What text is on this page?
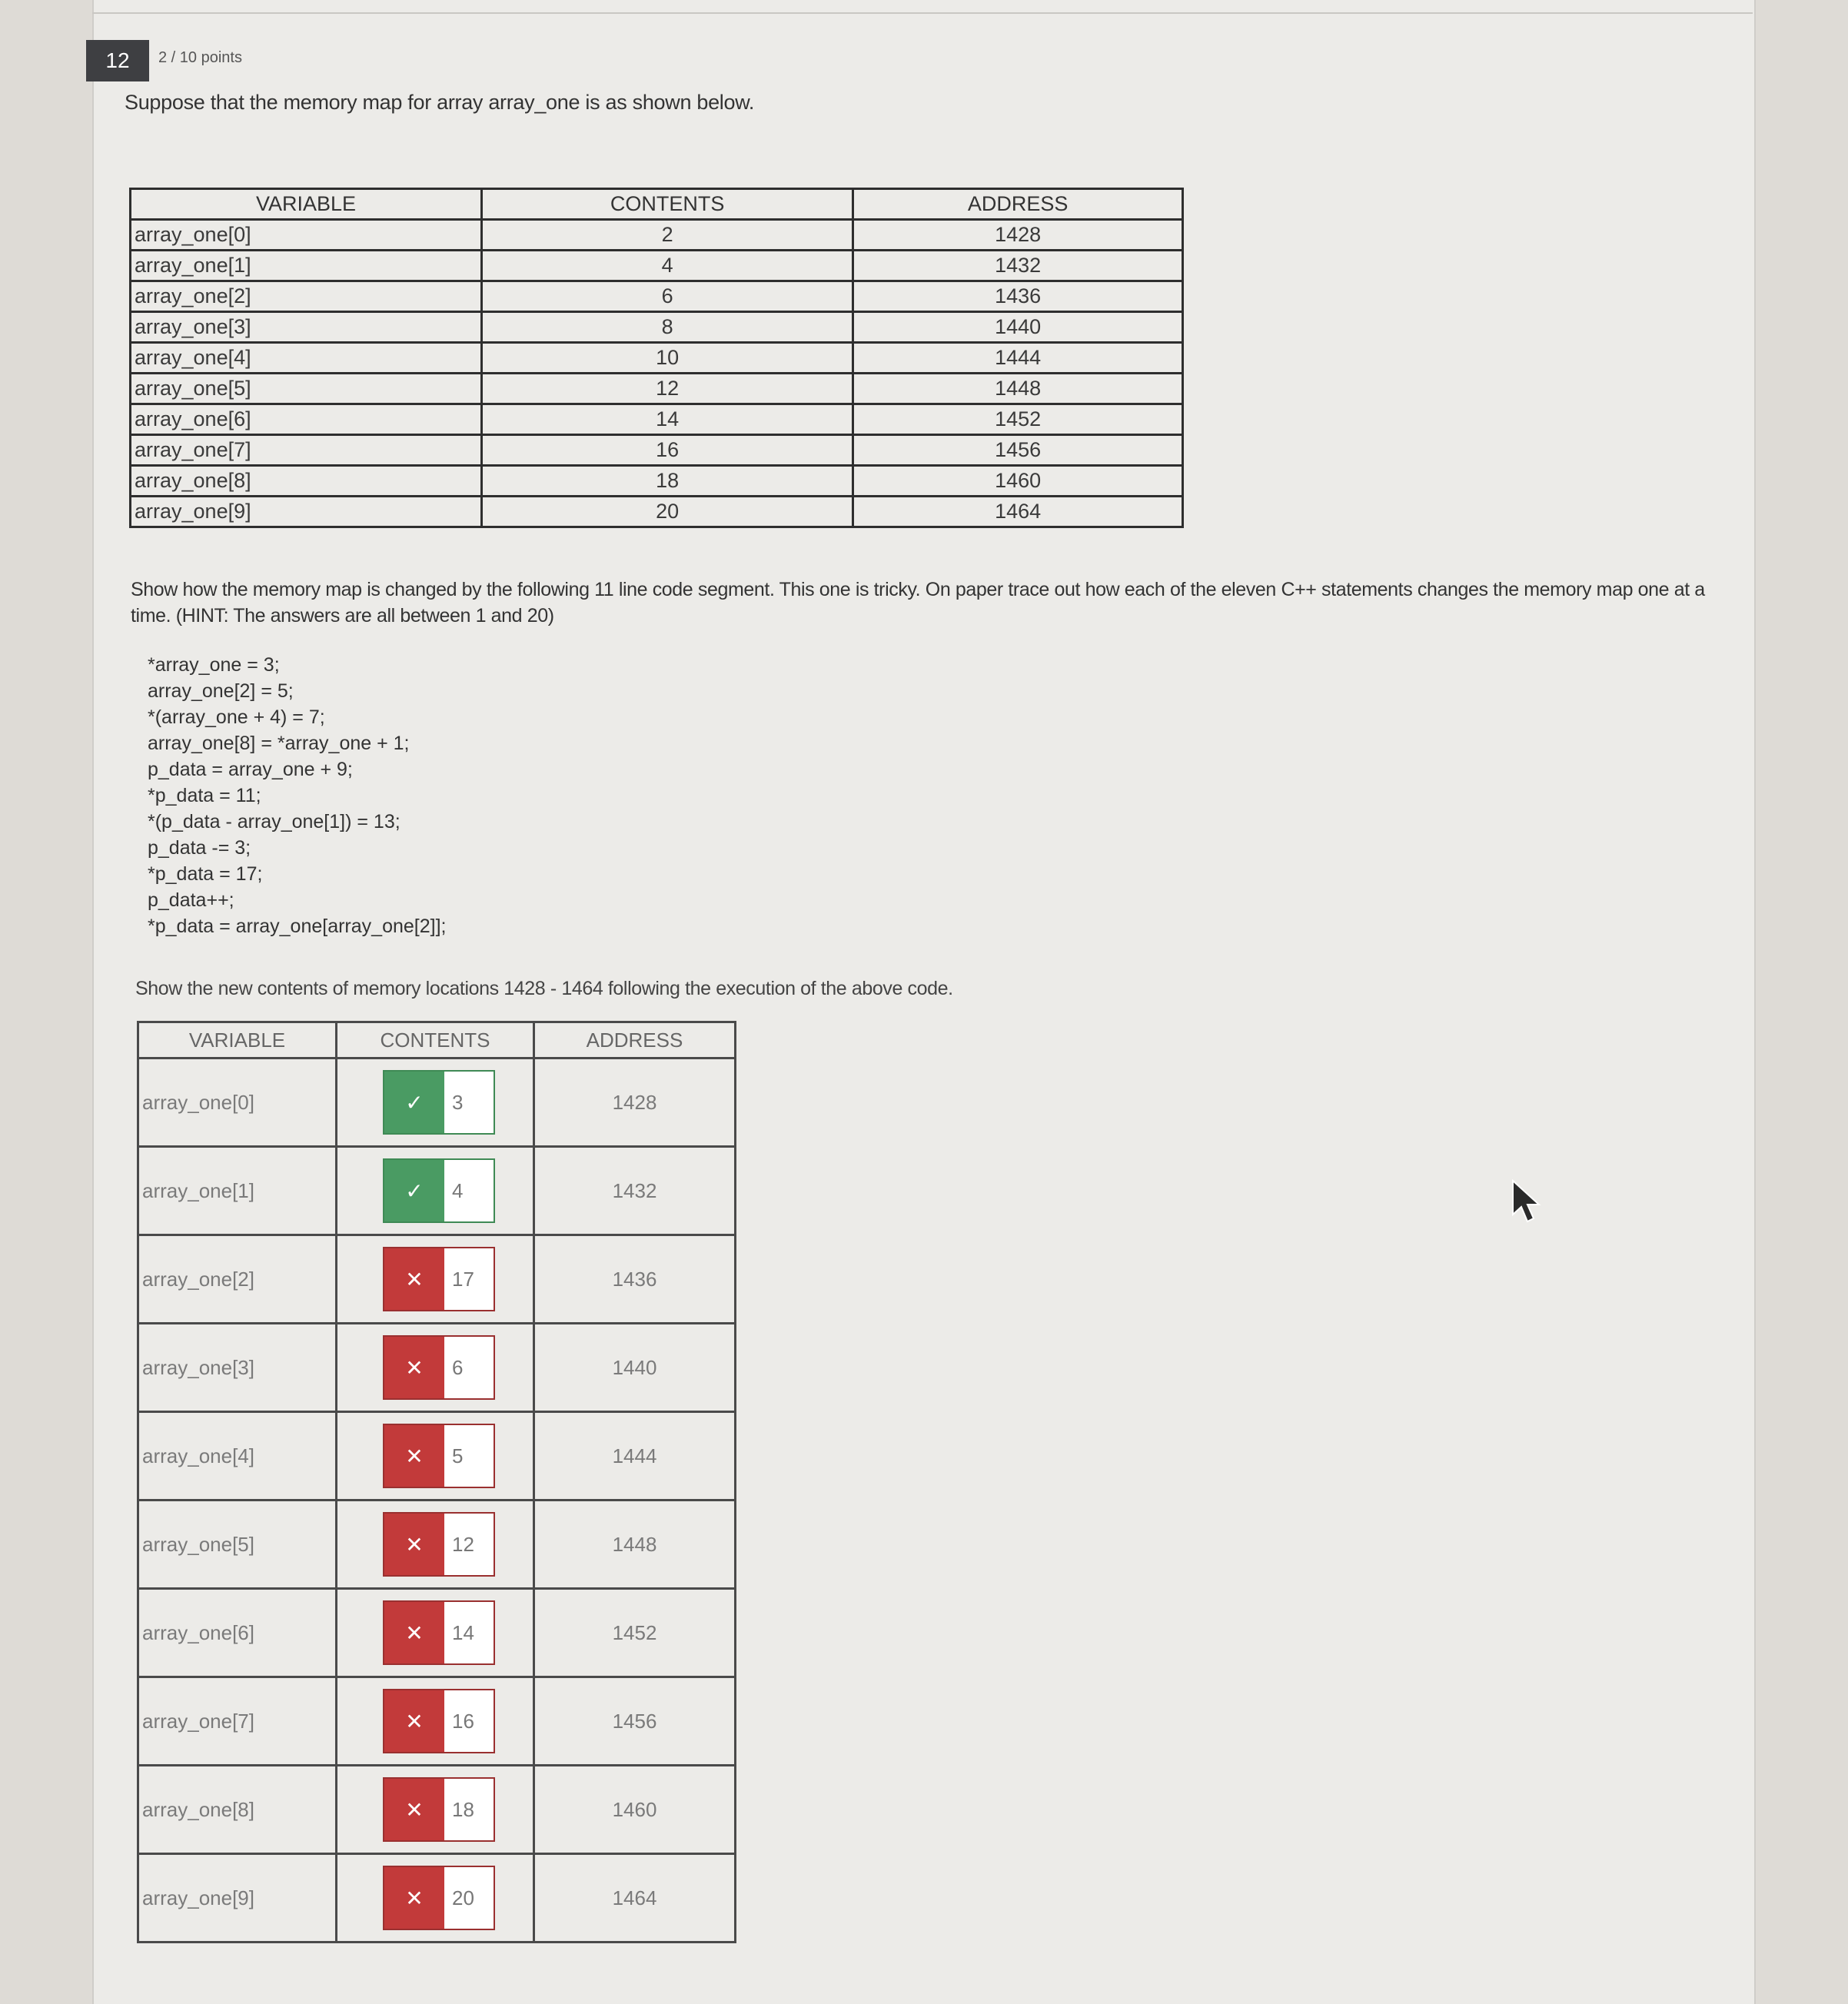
12	2 / 10 points
Suppose that the memory map for array array_one is as shown below.
VARIABLE	CONTENTS	ADDRESS
array_one[0]	2	1428
array_one[1]	4	1432
array_one[2]	6	1436
array_one[3]	8	1440
array_one[4]	10	1444
array_one[5]	12	1448
array_one[6]	14	1452
array_one[7]	16	1456
array_one[8]	18	1460
array_one[9]	20	1464
Show how the memory map is changed by the following 11 line code segment. This one is tricky. On paper trace out how each of the eleven C++ statements changes the memory map one at a time. (HINT: The answers are all between 1 and 20)
*array_one = 3;
array_one[2] = 5;
*(array_one + 4) = 7;
array_one[8] = *array_one + 1;
p_data = array_one + 9;
*p_data = 11;
*(p_data - array_one[1]) = 13;
p_data -= 3;
*p_data = 17;
p_data++;
*p_data = array_one[array_one[2]];
Show the new contents of memory locations 1428 - 1464 following the execution of the above code.
VARIABLE	CONTENTS	ADDRESS
array_one[0]	✓ 3	1428
array_one[1]	✓ 4	1432
array_one[2]	✕ 17	1436
array_one[3]	✕ 6	1440
array_one[4]	✕ 5	1444
array_one[5]	✕ 12	1448
array_one[6]	✕ 14	1452
array_one[7]	✕ 16	1456
array_one[8]	✕ 18	1460
array_one[9]	✕ 20	1464
